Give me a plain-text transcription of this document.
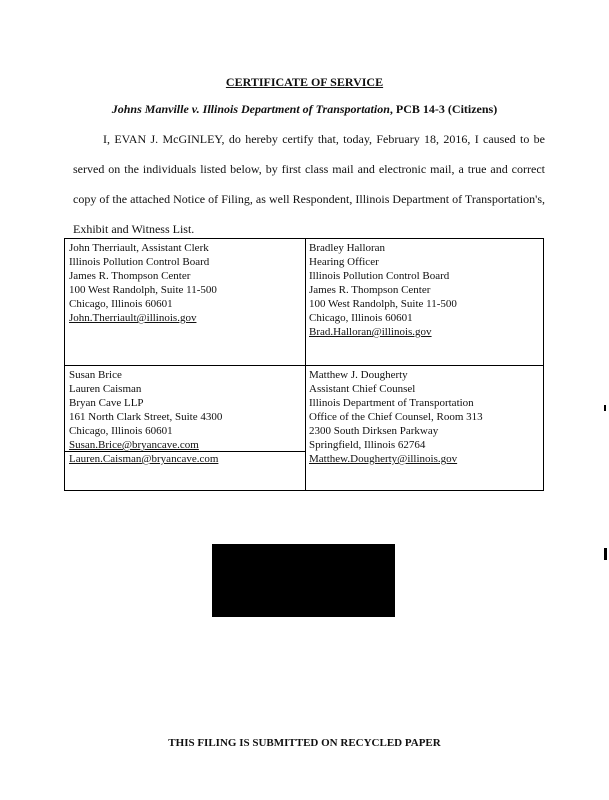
CERTIFICATE OF SERVICE
Johns Manville v. Illinois Department of Transportation, PCB 14-3 (Citizens)
I, EVAN J. McGINLEY, do hereby certify that, today, February 18, 2016, I caused to be served on the individuals listed below, by first class mail and electronic mail, a true and correct copy of the attached Notice of Filing, as well Respondent, Illinois Department of Transportation's, Exhibit and Witness List.
John Therriault, Assistant Clerk
Illinois Pollution Control Board
James R. Thompson Center
100 West Randolph, Suite 11-500
Chicago, Illinois 60601
John.Therriault@illinois.gov
Bradley Halloran
Hearing Officer
Illinois Pollution Control Board
James R. Thompson Center
100 West Randolph, Suite 11-500
Chicago, Illinois 60601
Brad.Halloran@illinois.gov
Susan Brice
Lauren Caisman
Bryan Cave LLP
161 North Clark Street, Suite 4300
Chicago, Illinois 60601
Susan.Brice@bryancave.com
Lauren.Caisman@bryancave.com
Matthew J. Dougherty
Assistant Chief Counsel
Illinois Department of Transportation
Office of the Chief Counsel, Room 313
2300 South Dirksen Parkway
Springfield, Illinois 62764
Matthew.Dougherty@illinois.gov
THIS FILING IS SUBMITTED ON RECYCLED PAPER
